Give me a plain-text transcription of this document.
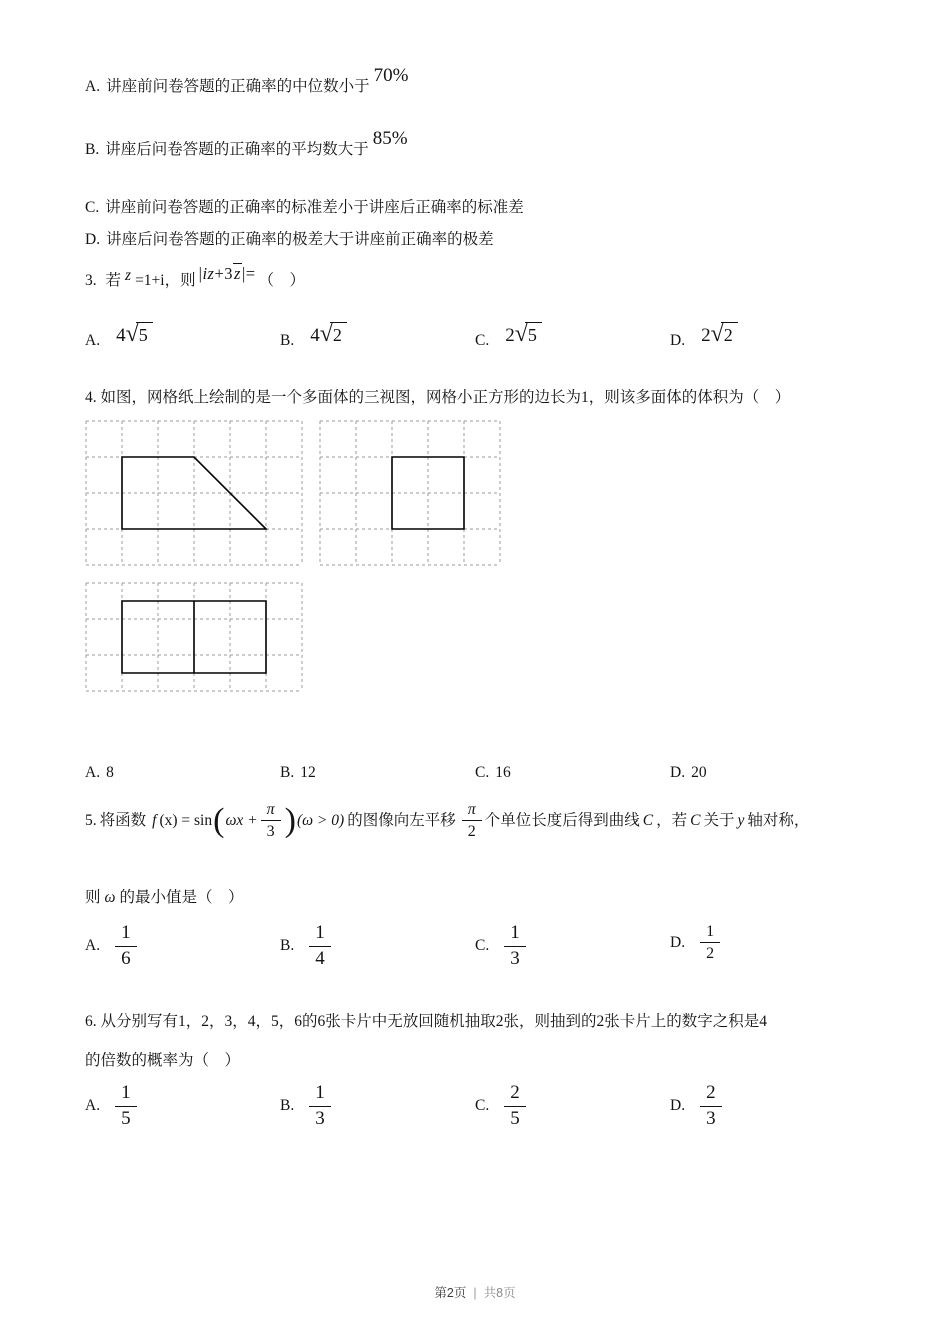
A. 讲座前问卷答题的正确率的中位数小于70%
B. 讲座后问卷答题的正确率的平均数大于85%
C. 讲座前问卷答题的正确率的标准差小于讲座后正确率的标准差
D. 讲座后问卷答题的正确率的极差大于讲座前正确率的极差
3. 若 z =1+i，则 |iz+3z|= （　）
A. 4 √ 5	B. 4 √ 2	C. 2 √ 5	D. 2 √ 2
4. 如图，网格纸上绘制的是一个多面体的三视图，网格小正方形的边长为1，则该多面体的体积为（　）
A. 8	B. 12	C. 16	D. 20
5. 将函数 f (x) = sin ( $\omega x + \frac{\pi}{3}$ ) (ω > 0) 的图像向左平移 $\frac{\pi}{2}$ 个单位长度后得到曲线 C ，若 C 关于 y 轴对称，
则 ω 的最小值是（　）
A. $\frac{1}{6}$	B. $\frac{1}{4}$	C. $\frac{1}{3}$	D. $\frac{1}{2}$
6. 从分别写有1，2，3，4，5，6的6张卡片中无放回随机抽取2张，则抽到的2张卡片上的数字之积是4
的倍数的概率为（　）
A. $\frac{1}{5}$	B. $\frac{1}{3}$	C. $\frac{2}{5}$	D. $\frac{2}{3}$
第2页 | 共8页
